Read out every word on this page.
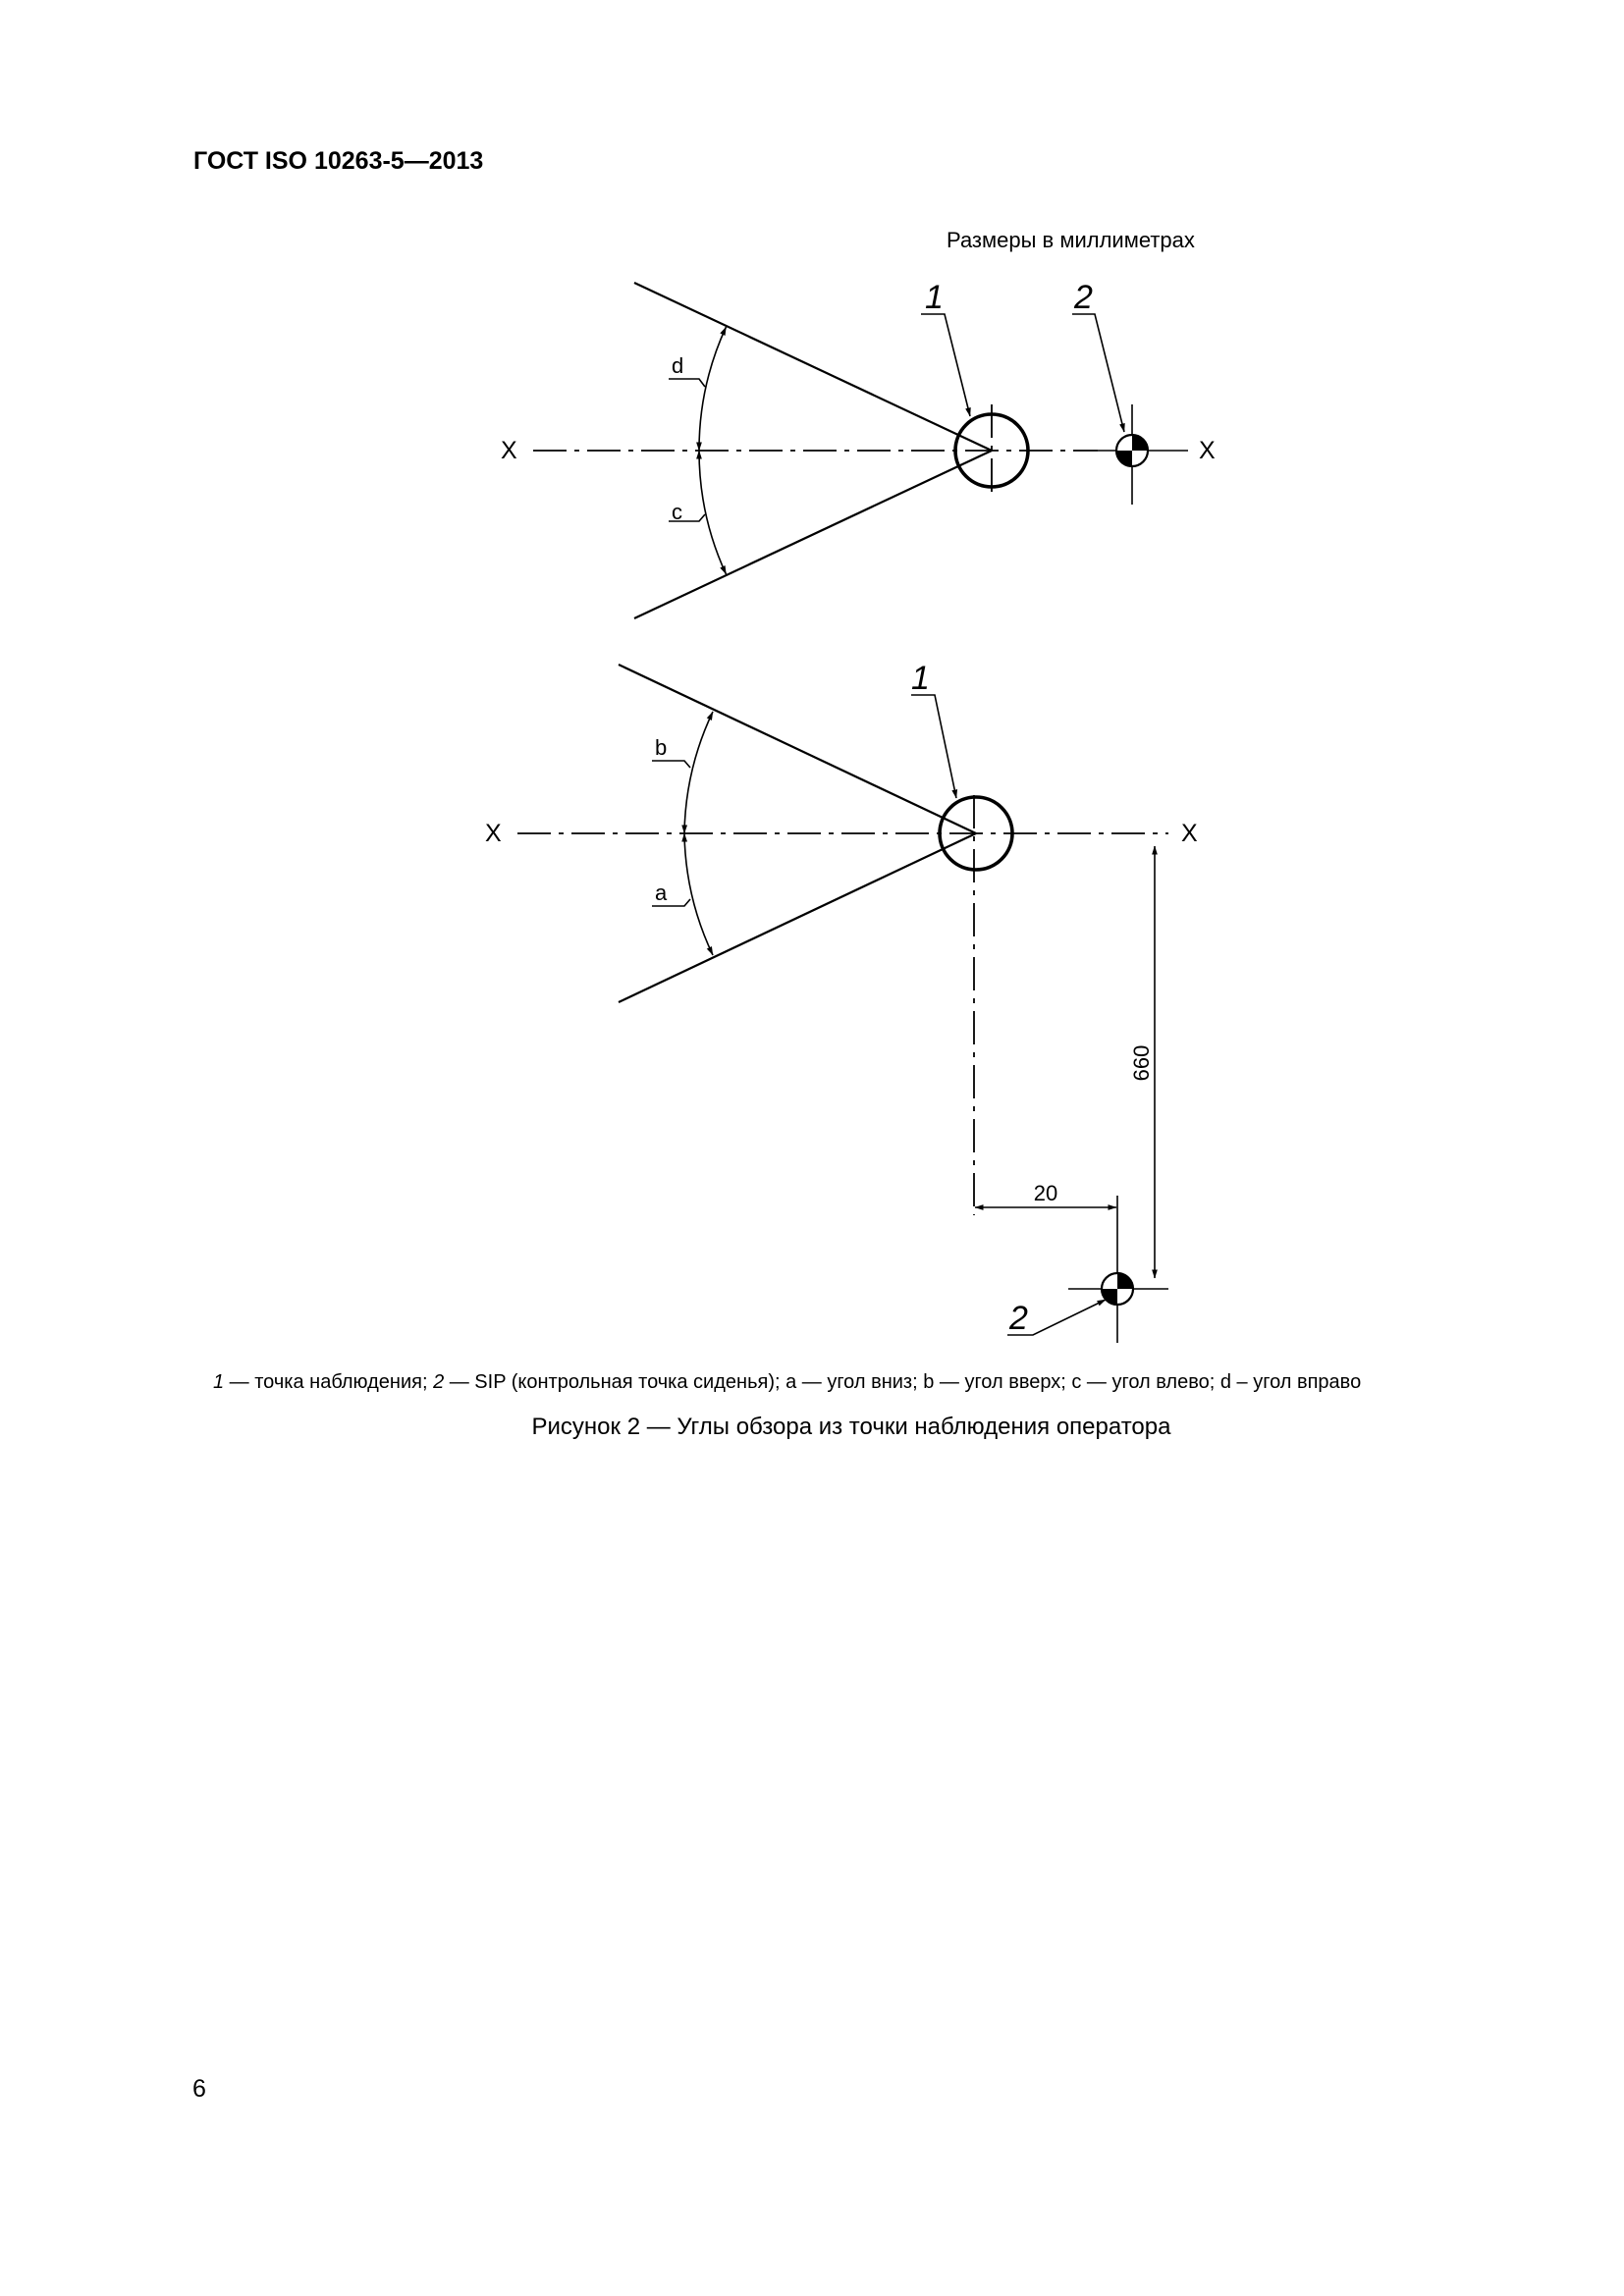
ГОСТ ISO 10263-5—2013
Размеры в миллиметрах
d
c
1	2
X	X
b
a
1
660
20
2
X	X
1 — точка наблюдения; 2 — SIP (контрольная точка сиденья); a — угол вниз; b — угол вверх; c — угол влево; d – угол вправо
Рисунок 2 — Углы обзора из точки наблюдения оператора
6
